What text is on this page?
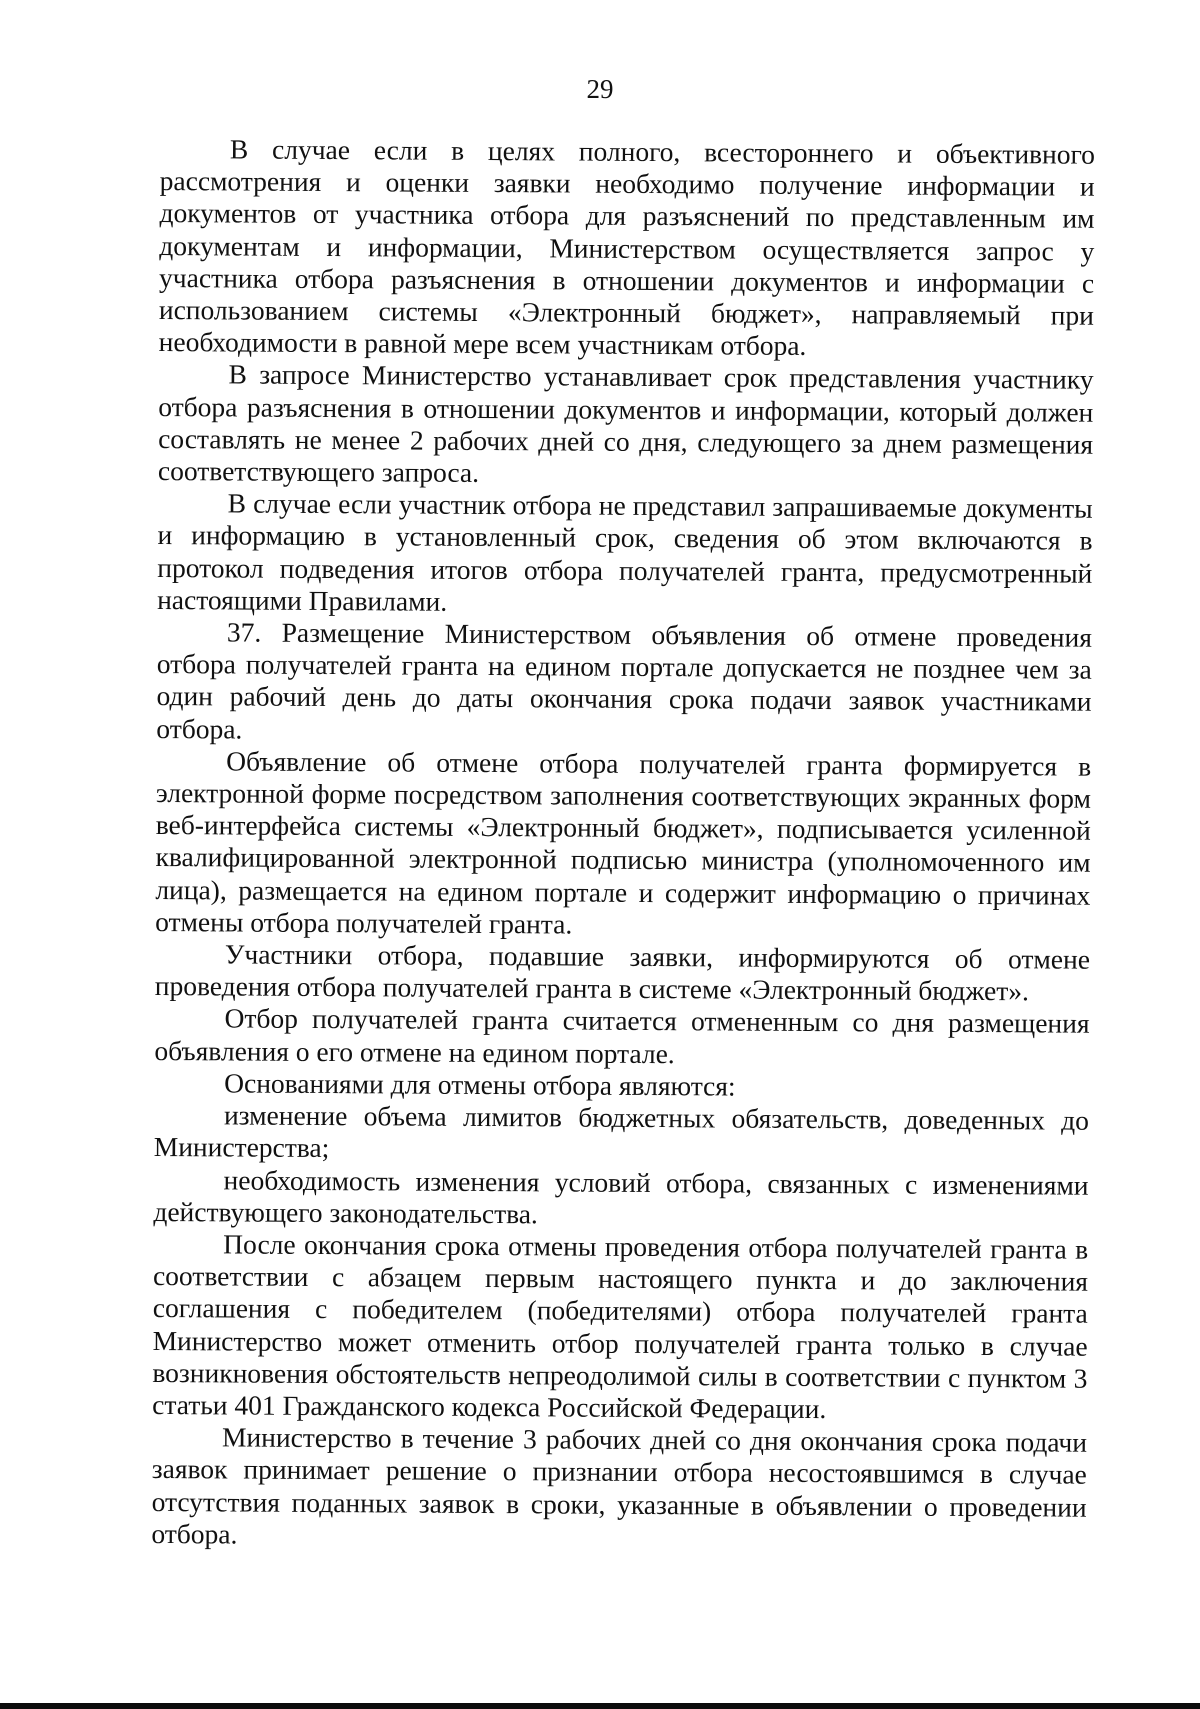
29

В случае если в целях полного, всестороннего и объективного рассмотрения и оценки заявки необходимо получение информации и документов от участника отбора для разъяснений по представленным им документам и информации, Министерством осуществляется запрос у участника отбора разъяснения в отношении документов и информации с использованием системы «Электронный бюджет», направляемый при необходимости в равной мере всем участникам отбора.

В запросе Министерство устанавливает срок представления участнику отбора разъяснения в отношении документов и информации, который должен составлять не менее 2 рабочих дней со дня, следующего за днем размещения соответствующего запроса.

В случае если участник отбора не представил запрашиваемые документы и информацию в установленный срок, сведения об этом включаются в протокол подведения итогов отбора получателей гранта, предусмотренный настоящими Правилами.

37. Размещение Министерством объявления об отмене проведения отбора получателей гранта на едином портале допускается не позднее чем за один рабочий день до даты окончания срока подачи заявок участниками отбора.

Объявление об отмене отбора получателей гранта формируется в электронной форме посредством заполнения соответствующих экранных форм веб-интерфейса системы «Электронный бюджет», подписывается усиленной квалифицированной электронной подписью министра (уполномоченного им лица), размещается на едином портале и содержит информацию о причинах отмены отбора получателей гранта.

Участники отбора, подавшие заявки, информируются об отмене проведения отбора получателей гранта в системе «Электронный бюджет».

Отбор получателей гранта считается отмененным со дня размещения объявления о его отмене на едином портале.

Основаниями для отмены отбора являются:

изменение объема лимитов бюджетных обязательств, доведенных до Министерства;

необходимость изменения условий отбора, связанных с изменениями действующего законодательства.

После окончания срока отмены проведения отбора получателей гранта в соответствии с абзацем первым настоящего пункта и до заключения соглашения с победителем (победителями) отбора получателей гранта Министерство может отменить отбор получателей гранта только в случае возникновения обстоятельств непреодолимой силы в соответствии с пунктом 3 статьи 401 Гражданского кодекса Российской Федерации.

Министерство в течение 3 рабочих дней со дня окончания срока подачи заявок принимает решение о признании отбора несостоявшимся в случае отсутствия поданных заявок в сроки, указанные в объявлении о проведении отбора.
